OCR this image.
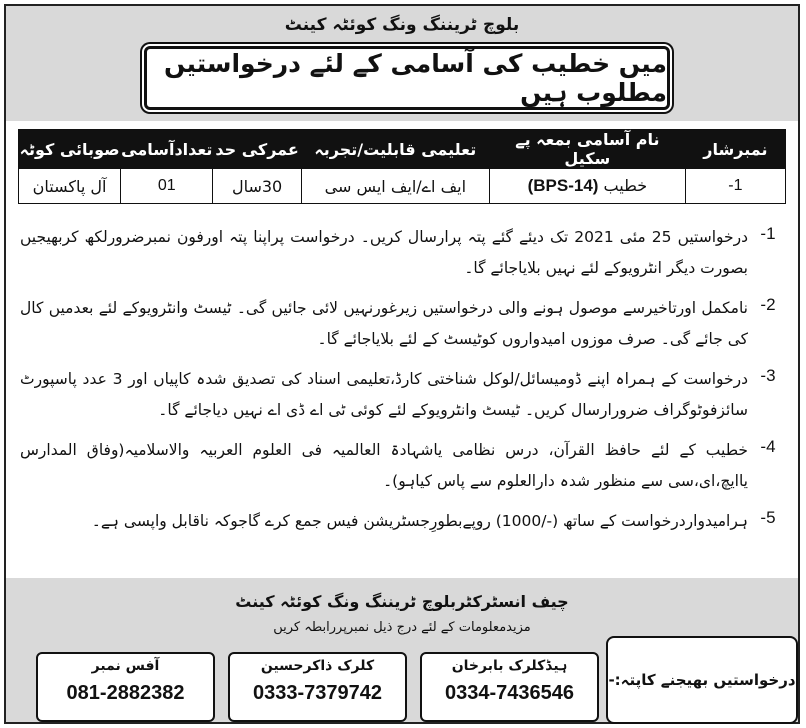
بلوچ ٹریننگ ونگ کوئٹہ کینٹ
میں خطیب کی آسامی کے لئے درخواستیں مطلوب ہیں
نمبرشار	نام آسامی بمعہ پے سکیل	تعلیمی قابلیت/تجربہ	عمرکی حد	تعدادآسامی	صوبائی کوٹہ
1-	خطیب (BPS-14)	ایف اے/ایف ایس سی	30سال	01	آل پاکستان
1-
درخواستیں 25 مئی 2021 تک دیئے گئے پتہ پرارسال کریں۔ درخواست پراپنا پتہ اورفون نمبرضرورلکھ کربھیجیں بصورت دیگر انٹرویوکے لئے نہیں بلایاجائے گا۔
2-
نامکمل اورتاخیرسے موصول ہونے والی درخواستیں زیرغورنہیں لائی جائیں گی۔ ٹیسٹ وانٹرویوکے لئے بعدمیں کال کی جائے گی۔ صرف موزوں امیدواروں کوٹیسٹ کے لئے بلایاجائے گا۔
3-
درخواست کے ہمراہ اپنے ڈومیسائل/لوکل شناختی کارڈ،تعلیمی اسناد کی تصدیق شدہ کاپیاں اور 3 عدد پاسپورٹ سائزفوٹوگراف ضرورارسال کریں۔ ٹیسٹ وانٹرویوکے لئے کوئی ٹی اے ڈی اے نہیں دیاجائے گا۔
4-
خطیب کے لئے حافظ القرآن، درس نظامی یاشہادۃ العالمیہ فی العلوم العربیہ والاسلامیہ(وفاق المدارس یاایچ،ای،سی سے منظور شدہ دارالعلوم سے پاس کیاہو)۔
5-
ہرامیدواردرخواست کے ساتھ (-/1000) روپےبطورِجسٹریشن فیس جمع کرے گاجوکہ ناقابل واپسی ہے۔
چیف انسٹرکٹربلوچ ٹریننگ ونگ کوئٹہ کینٹ
مزیدمعلومات کے لئے درج ذیل نمبرپررابطہ کریں
درخواستیں بھیجنے کاپتہ:-
ہیڈکلرک بابرخان
0334-7436546
کلرک ذاکرحسین
0333-7379742
آفس نمبر
081-2882382
